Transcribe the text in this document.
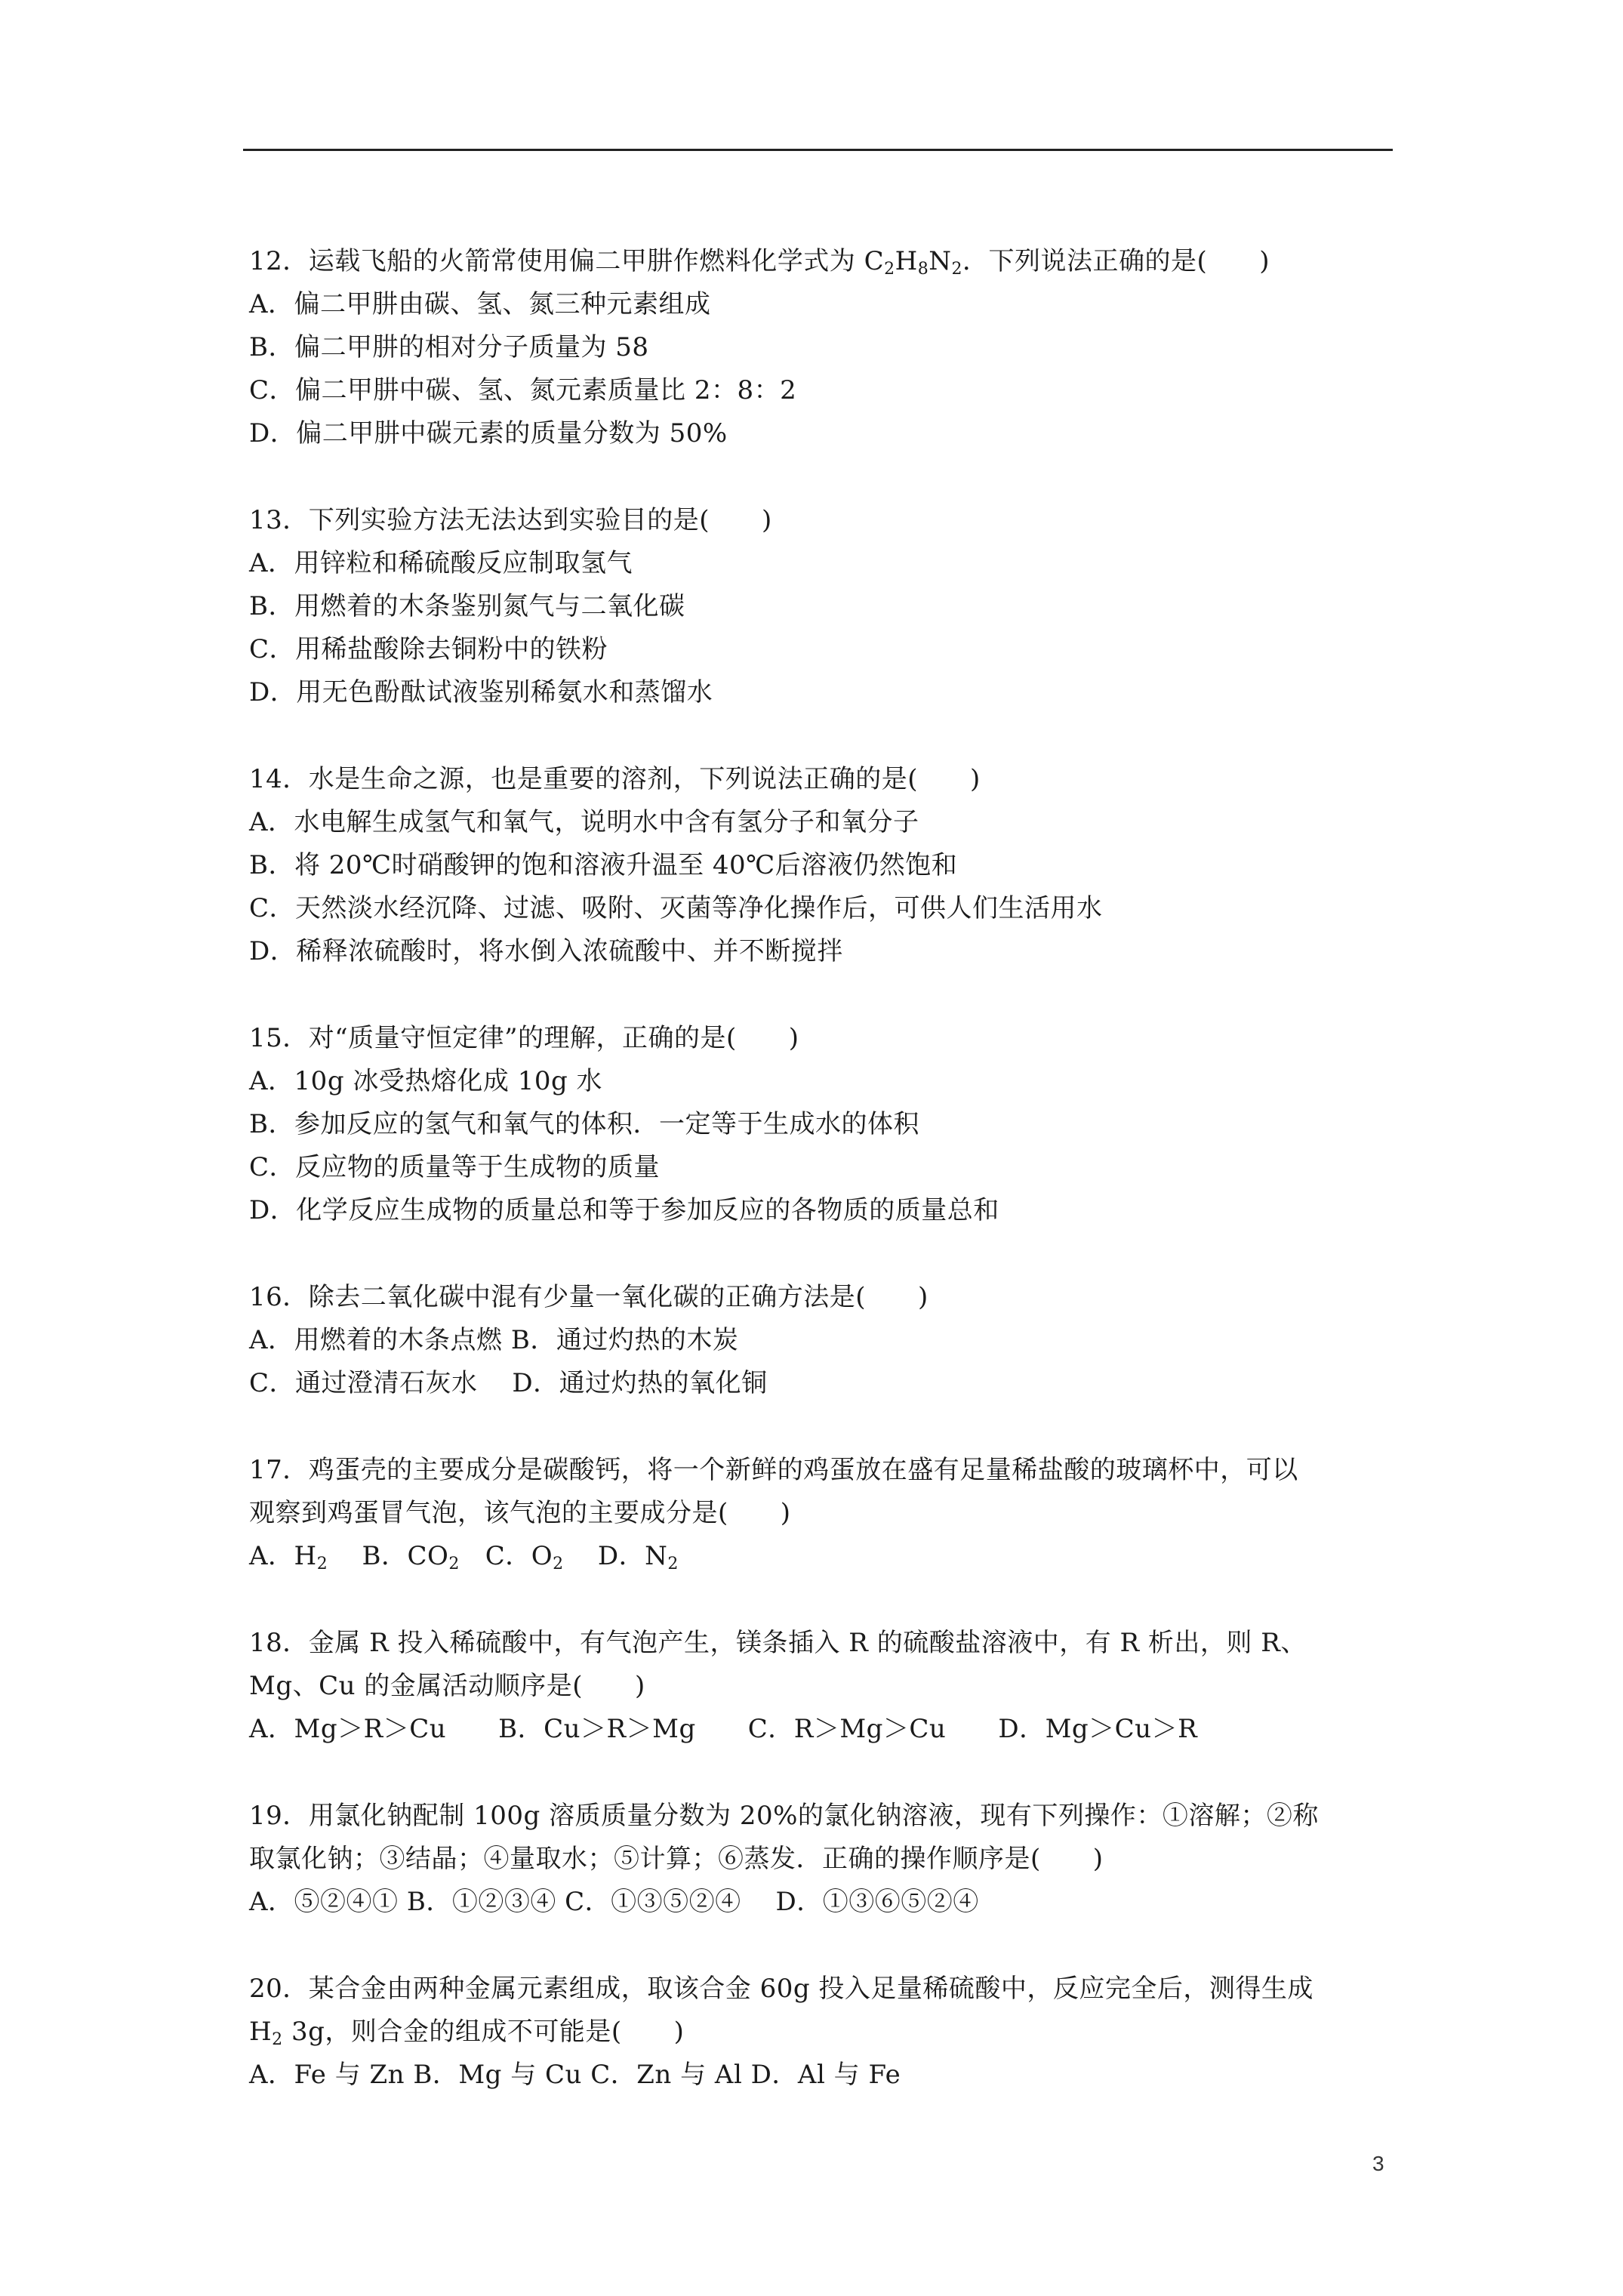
12．运载飞船的火箭常使用偏二甲肼作燃料化学式为 $C_2H_8N_2$．下列说法正确的是(　　)
A．偏二甲肼由碳、氢、氮三种元素组成
B．偏二甲肼的相对分子质量为 58
C．偏二甲肼中碳、氢、氮元素质量比 2：8：2
D．偏二甲肼中碳元素的质量分数为 50%
13．下列实验方法无法达到实验目的是(　　)
A．用锌粒和稀硫酸反应制取氢气
B．用燃着的木条鉴别氮气与二氧化碳
C．用稀盐酸除去铜粉中的铁粉
D．用无色酚酞试液鉴别稀氨水和蒸馏水
14．水是生命之源，也是重要的溶剂，下列说法正确的是(　　)
A．水电解生成氢气和氧气，说明水中含有氢分子和氧分子
B．将 20℃时硝酸钾的饱和溶液升温至 40℃后溶液仍然饱和
C．天然淡水经沉降、过滤、吸附、灭菌等净化操作后，可供人们生活用水
D．稀释浓硫酸时，将水倒入浓硫酸中、并不断搅拌
15．对“质量守恒定律”的理解，正确的是(　　)
A．10g 冰受热熔化成 10g 水
B．参加反应的氢气和氧气的体积．一定等于生成水的体积
C．反应物的质量等于生成物的质量
D．化学反应生成物的质量总和等于参加反应的各物质的质量总和
16．除去二氧化碳中混有少量一氧化碳的正确方法是(　　)
A．用燃着的木条点燃 B．通过灼热的木炭
C．通过澄清石灰水　 D．通过灼热的氧化铜
17．鸡蛋壳的主要成分是碳酸钙，将一个新鲜的鸡蛋放在盛有足量稀盐酸的玻璃杯中，可以
观察到鸡蛋冒气泡，该气泡的主要成分是(　　)
A．$H_2$ B．$CO_2$ C．$O_2$ D．$N_2$
18．金属 R 投入稀硫酸中，有气泡产生，镁条插入 R 的硫酸盐溶液中，有 R 析出，则 R、
Mg、Cu 的金属活动顺序是(　　)
A．Mg＞R＞Cu　　B．Cu＞R＞Mg　　C．R＞Mg＞Cu　　D．Mg＞Cu＞R
19．用氯化钠配制 100g 溶质质量分数为 20%的氯化钠溶液，现有下列操作：①溶解；②称
取氯化钠；③结晶；④量取水；⑤计算；⑥蒸发．正确的操作顺序是(　　)
A．⑤②④① B．①②③④ C．①③⑤②④　 D．①③⑥⑤②④
20．某合金由两种金属元素组成，取该合金 60g 投入足量稀硫酸中，反应完全后，测得生成
$H_2$ 3g，则合金的组成不可能是(　　)
A．Fe 与 Zn B．Mg 与 Cu C．Zn 与 Al D．Al 与 Fe
3
